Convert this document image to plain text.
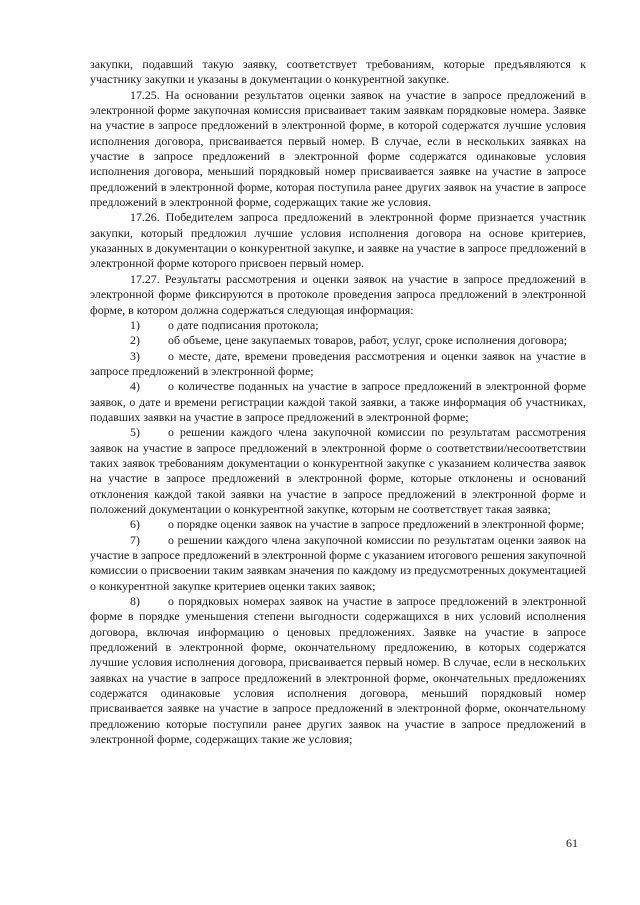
закупки, подавший такую заявку, соответствует требованиям, которые предъявляются к участнику закупки и указаны в документации о конкурентной закупке.

17.25. На основании результатов оценки заявок на участие в запросе предложений в электронной форме закупочная комиссия присваивает таким заявкам порядковые номера. Заявке на участие в запросе предложений в электронной форме, в которой содержатся лучшие условия исполнения договора, присваивается первый номер. В случае, если в нескольких заявках на участие в запросе предложений в электронной форме содержатся одинаковые условия исполнения договора, меньший порядковый номер присваивается заявке на участие в запросе предложений в электронной форме, которая поступила ранее других заявок на участие в запросе предложений в электронной форме, содержащих такие же условия.

17.26. Победителем запроса предложений в электронной форме признается участник закупки, который предложил лучшие условия исполнения договора на основе критериев, указанных в документации о конкурентной закупке, и заявке на участие в запросе предложений в электронной форме которого присвоен первый номер.

17.27. Результаты рассмотрения и оценки заявок на участие в запросе предложений в электронной форме фиксируются в протоколе проведения запроса предложений в электронной форме, в котором должна содержаться следующая информация:

1) о дате подписания протокола;

2) об объеме, цене закупаемых товаров, работ, услуг, сроке исполнения договора;

3) о месте, дате, времени проведения рассмотрения и оценки заявок на участие в запросе предложений в электронной форме;

4) о количестве поданных на участие в запросе предложений в электронной форме заявок, о дате и времени регистрации каждой такой заявки, а также информация об участниках, подавших заявки на участие в запросе предложений в электронной форме;

5) о решении каждого члена закупочной комиссии по результатам рассмотрения заявок на участие в запросе предложений в электронной форме о соответствии/несоответствии таких заявок требованиям документации о конкурентной закупке с указанием количества заявок на участие в запросе предложений в электронной форме, которые отклонены и оснований отклонения каждой такой заявки на участие в запросе предложений в электронной форме и положений документации о конкурентной закупке, которым не соответствует такая заявка;

6) о порядке оценки заявок на участие в запросе предложений в электронной форме;

7) о решении каждого члена закупочной комиссии по результатам оценки заявок на участие в запросе предложений в электронной форме с указанием итогового решения закупочной комиссии о присвоении таким заявкам значения по каждому из предусмотренных документацией о конкурентной закупке критериев оценки таких заявок;

8) о порядковых номерах заявок на участие в запросе предложений в электронной форме в порядке уменьшения степени выгодности содержащихся в них условий исполнения договора, включая информацию о ценовых предложениях. Заявке на участие в запросе предложений в электронной форме, окончательному предложению, в которых содержатся лучшие условия исполнения договора, присваивается первый номер. В случае, если в нескольких заявках на участие в запросе предложений в электронной форме, окончательных предложениях содержатся одинаковые условия исполнения договора, меньший порядковый номер присваивается заявке на участие в запросе предложений в электронной форме, окончательному предложению которые поступили ранее других заявок на участие в запросе предложений в электронной форме, содержащих такие же условия;

61
